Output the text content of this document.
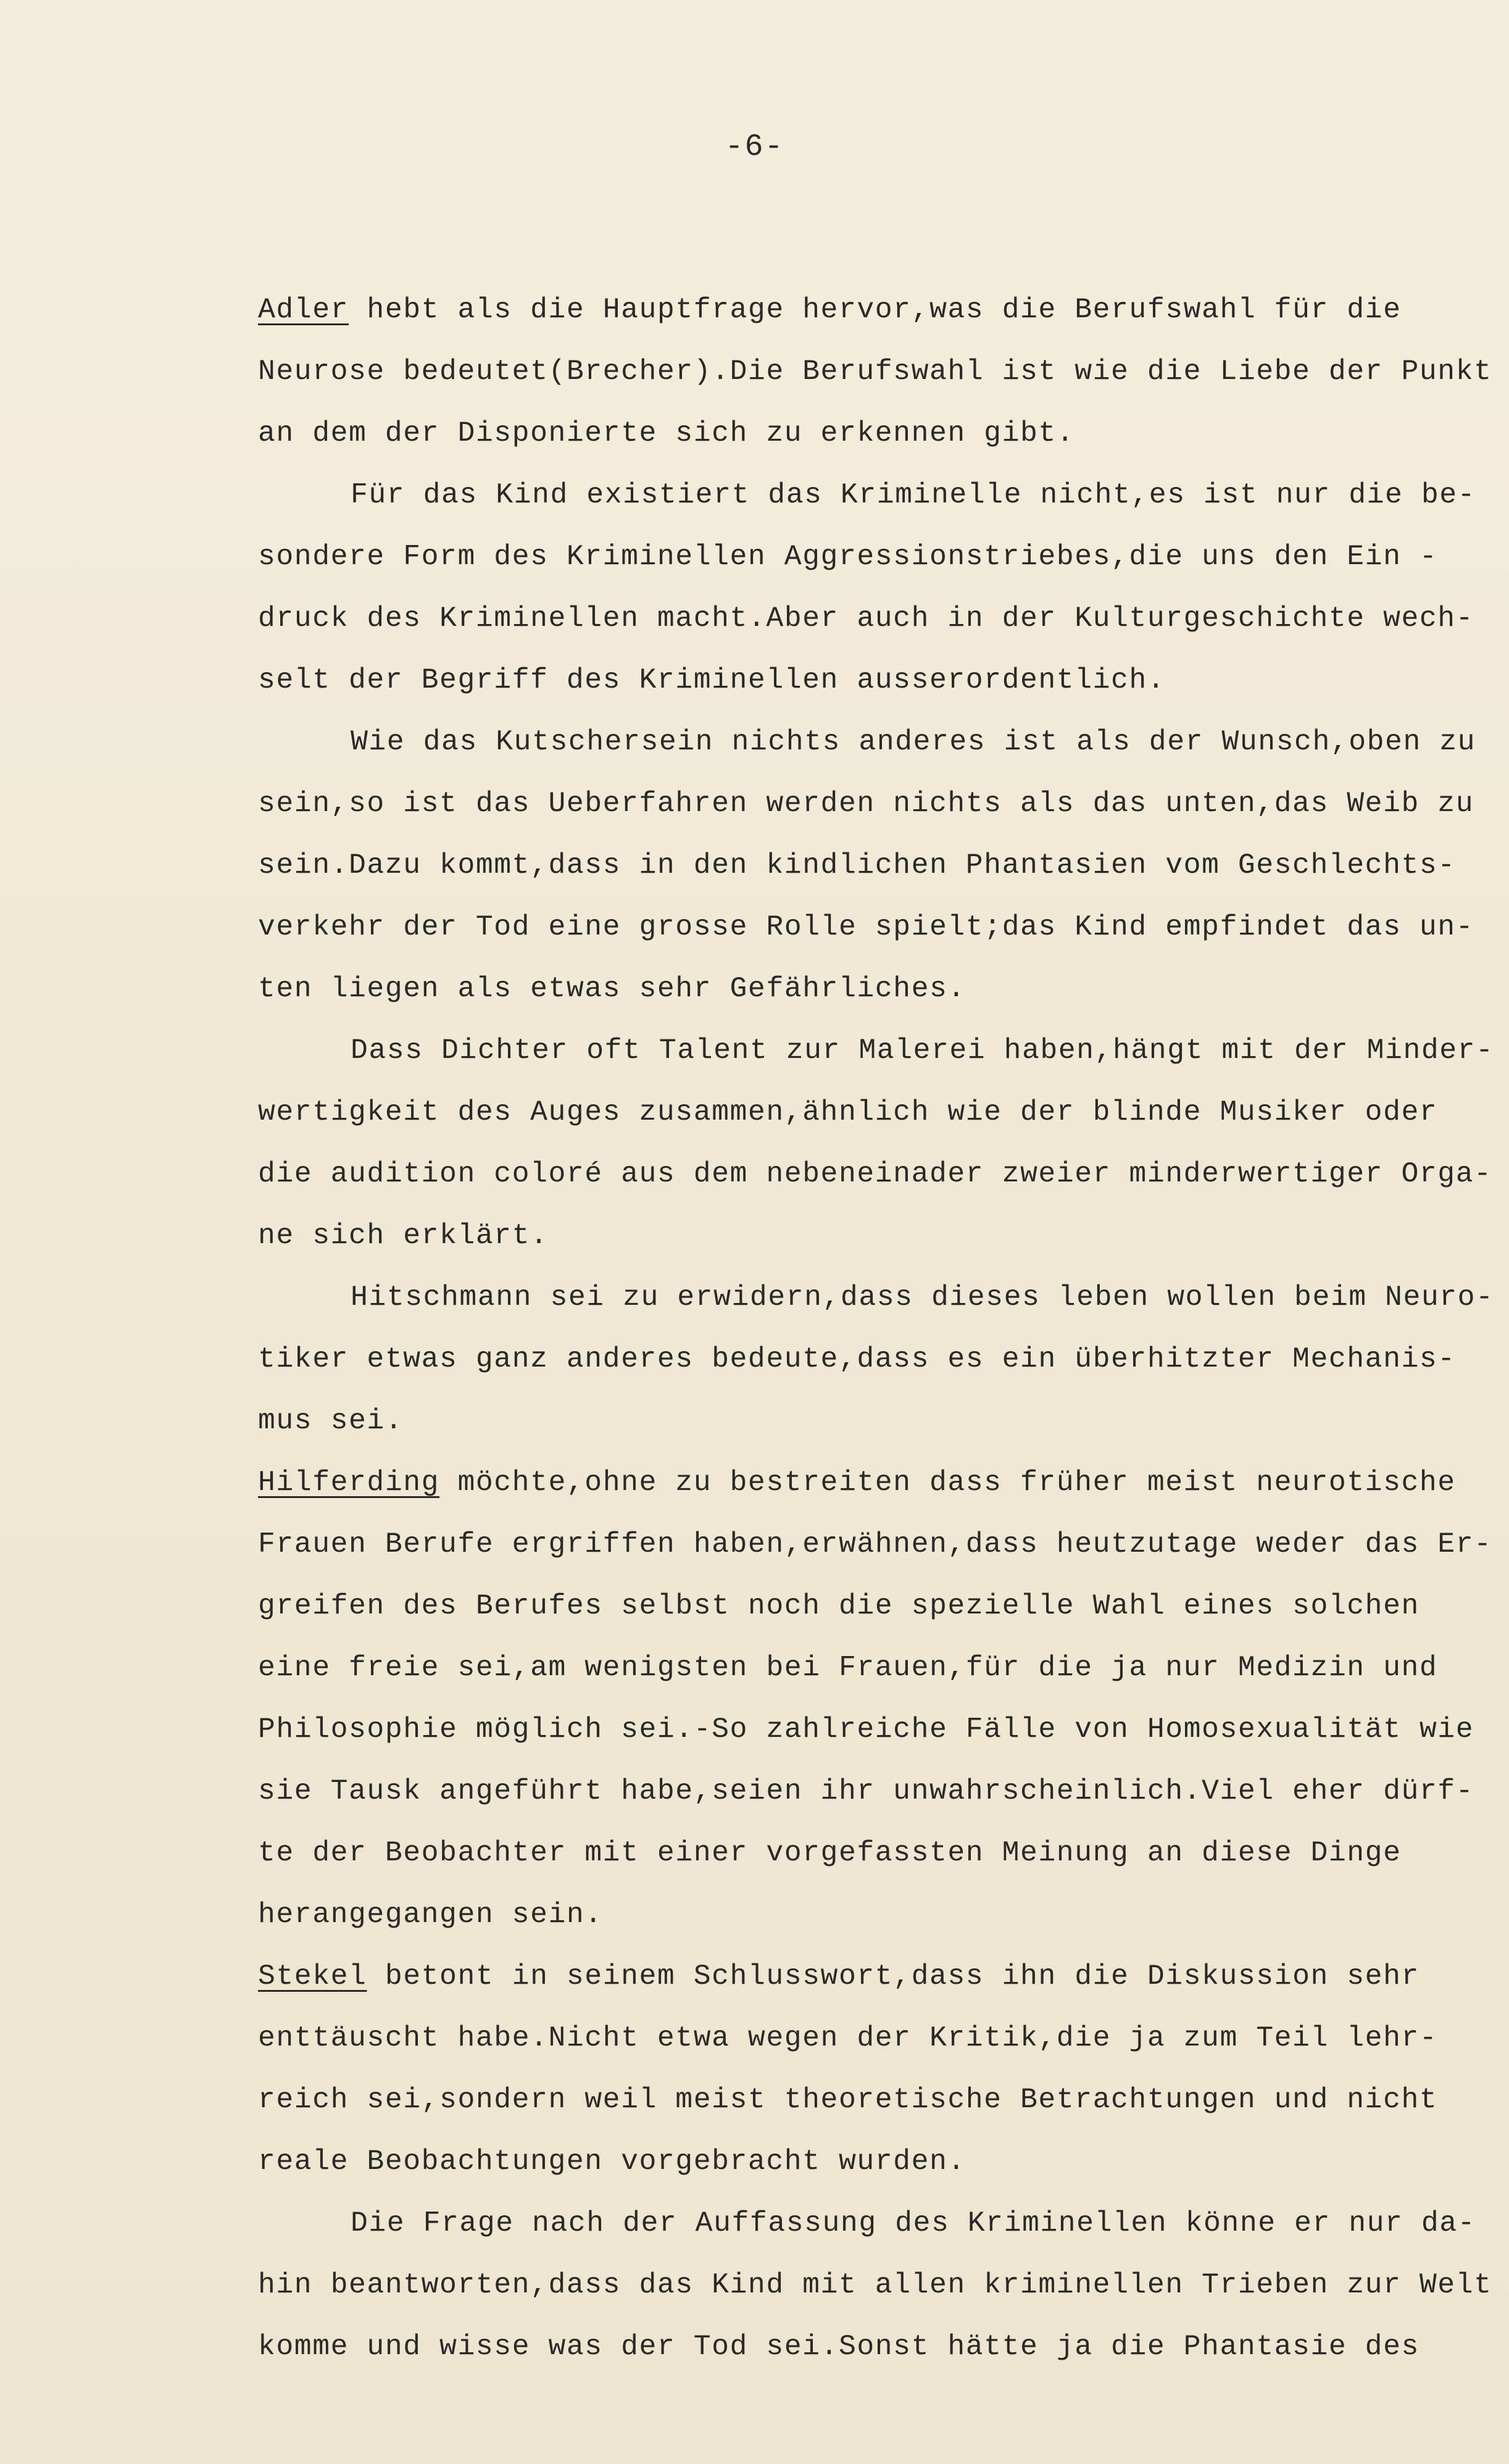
-6-
Adler hebt als die Hauptfrage hervor,was die Berufswahl für die
Neurose bedeutet(Brecher).Die Berufswahl ist wie die Liebe der Punkt
an dem der Disponierte sich zu erkennen gibt.
Für das Kind existiert das Kriminelle nicht,es ist nur die be-
sondere Form des Kriminellen Aggressionstriebes,die uns den Ein -
druck des Kriminellen macht.Aber auch in der Kulturgeschichte wech-
selt der Begriff des Kriminellen ausserordentlich.
Wie das Kutschersein nichts anderes ist als der Wunsch,oben zu
sein,so ist das Ueberfahren werden nichts als das unten,das Weib zu
sein.Dazu kommt,dass in den kindlichen Phantasien vom Geschlechts-
verkehr der Tod eine grosse Rolle spielt;das Kind empfindet das un-
ten liegen als etwas sehr Gefährliches.
Dass Dichter oft Talent zur Malerei haben,hängt mit der Minder-
wertigkeit des Auges zusammen,ähnlich wie der blinde Musiker oder
die audition coloré aus dem nebeneinader zweier minderwertiger Orga-
ne sich erklärt.
Hitschmann sei zu erwidern,dass dieses leben wollen beim Neuro-
tiker etwas ganz anderes bedeute,dass es ein überhitzter Mechanis-
mus sei.
Hilferding möchte,ohne zu bestreiten dass früher meist neurotische
Frauen Berufe ergriffen haben,erwähnen,dass heutzutage weder das Er-
greifen des Berufes selbst noch die spezielle Wahl eines solchen
eine freie sei,am wenigsten bei Frauen,für die ja nur Medizin und
Philosophie möglich sei.-So zahlreiche Fälle von Homosexualität wie
sie Tausk angeführt habe,seien ihr unwahrscheinlich.Viel eher dürf-
te der Beobachter mit einer vorgefassten Meinung an diese Dinge
herangegangen sein.
Stekel betont in seinem Schlusswort,dass ihn die Diskussion sehr
enttäuscht habe.Nicht etwa wegen der Kritik,die ja zum Teil lehr-
reich sei,sondern weil meist theoretische Betrachtungen und nicht
reale Beobachtungen vorgebracht wurden.
Die Frage nach der Auffassung des Kriminellen könne er nur da-
hin beantworten,dass das Kind mit allen kriminellen Trieben zur Welt
komme und wisse was der Tod sei.Sonst hätte ja die Phantasie des
